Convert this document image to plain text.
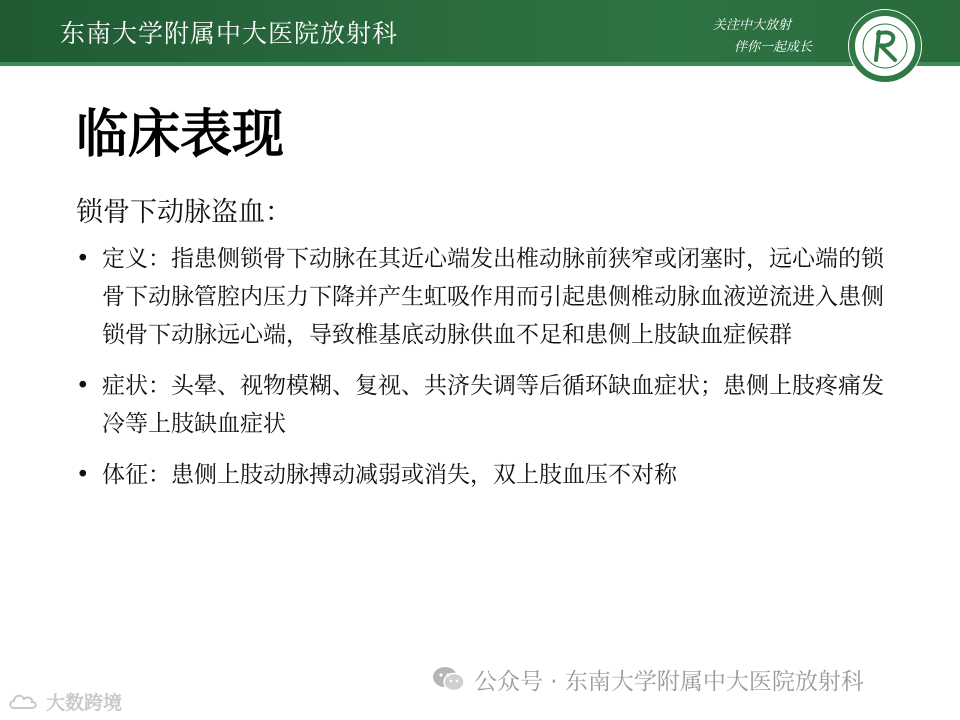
东南大学附属中大医院放射科	关注中大放射
伴你一起成长
临床表现
锁骨下动脉盗血：
• 定义：指患侧锁骨下动脉在其近心端发出椎动脉前狭窄或闭塞时，远心端的锁骨下动脉管腔内压力下降并产生虹吸作用而引起患侧椎动脉血液逆流进入患侧锁骨下动脉远心端，导致椎基底动脉供血不足和患侧上肢缺血症候群
• 症状：头晕、视物模糊、复视、共济失调等后循环缺血症状；患侧上肢疼痛发冷等上肢缺血症状
• 体征：患侧上肢动脉搏动减弱或消失，双上肢血压不对称
公众号 · 东南大学附属中大医院放射科
大数跨境
